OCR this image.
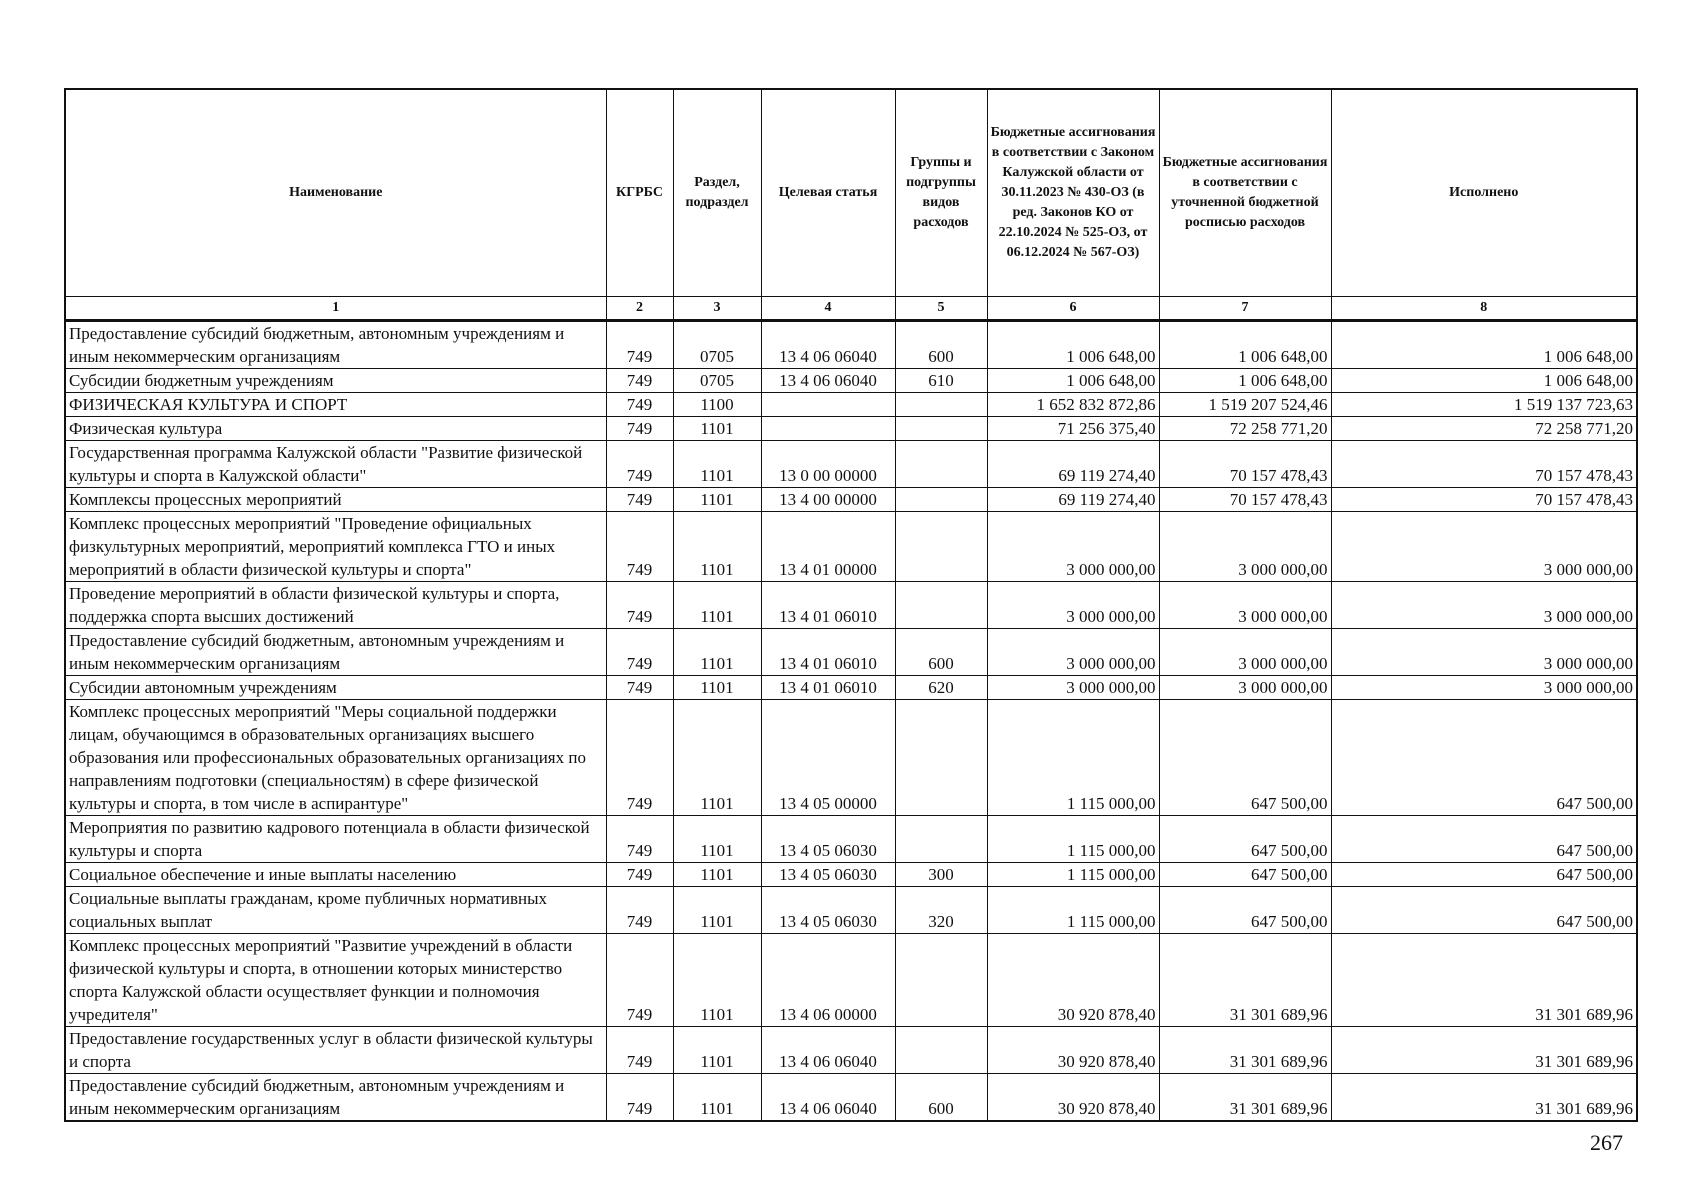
Наименование	КГРБС	Раздел, подраздел	Целевая статья	Группы и подгруппы видов расходов	Бюджетные ассигнования в соответствии с Законом Калужской области от 30.11.2023 № 430-ОЗ (в ред. Законов КО от 22.10.2024 № 525-ОЗ, от 06.12.2024 № 567-ОЗ)	Бюджетные ассигнования в соответствии с уточненной бюджетной росписью расходов	Исполнено
1	2	3	4	5	6	7	8
Предоставление субсидий бюджетным, автономным учреждениям и иным некоммерческим организациям	749	0705	13 4 06 06040	600	1 006 648,00	1 006 648,00	1 006 648,00
Субсидии бюджетным учреждениям	749	0705	13 4 06 06040	610	1 006 648,00	1 006 648,00	1 006 648,00
ФИЗИЧЕСКАЯ КУЛЬТУРА И СПОРТ	749	1100			1 652 832 872,86	1 519 207 524,46	1 519 137 723,63
Физическая культура	749	1101			71 256 375,40	72 258 771,20	72 258 771,20
Государственная программа Калужской области "Развитие физической культуры и спорта в Калужской области"	749	1101	13 0 00 00000		69 119 274,40	70 157 478,43	70 157 478,43
Комплексы процессных мероприятий	749	1101	13 4 00 00000		69 119 274,40	70 157 478,43	70 157 478,43
Комплекс процессных мероприятий "Проведение официальных физкультурных мероприятий, мероприятий комплекса ГТО и иных мероприятий в области физической культуры и спорта"	749	1101	13 4 01 00000		3 000 000,00	3 000 000,00	3 000 000,00
Проведение мероприятий в области физической культуры и спорта, поддержка спорта высших достижений	749	1101	13 4 01 06010		3 000 000,00	3 000 000,00	3 000 000,00
Предоставление субсидий бюджетным, автономным учреждениям и иным некоммерческим организациям	749	1101	13 4 01 06010	600	3 000 000,00	3 000 000,00	3 000 000,00
Субсидии автономным учреждениям	749	1101	13 4 01 06010	620	3 000 000,00	3 000 000,00	3 000 000,00
Комплекс процессных мероприятий "Меры социальной поддержки лицам, обучающимся в образовательных организациях высшего образования или профессиональных образовательных организациях по направлениям подготовки (специальностям) в сфере физической культуры и спорта, в том числе в аспирантуре"	749	1101	13 4 05 00000		1 115 000,00	647 500,00	647 500,00
Мероприятия по развитию кадрового потенциала в области физической культуры и спорта	749	1101	13 4 05 06030		1 115 000,00	647 500,00	647 500,00
Социальное обеспечение и иные выплаты населению	749	1101	13 4 05 06030	300	1 115 000,00	647 500,00	647 500,00
Социальные выплаты гражданам, кроме публичных нормативных социальных выплат	749	1101	13 4 05 06030	320	1 115 000,00	647 500,00	647 500,00
Комплекс процессных мероприятий "Развитие учреждений в области физической культуры и спорта, в отношении которых министерство спорта Калужской области осуществляет функции и полномочия учредителя"	749	1101	13 4 06 00000		30 920 878,40	31 301 689,96	31 301 689,96
Предоставление государственных услуг в области физической культуры и спорта	749	1101	13 4 06 06040		30 920 878,40	31 301 689,96	31 301 689,96
Предоставление субсидий бюджетным, автономным учреждениям и иным некоммерческим организациям	749	1101	13 4 06 06040	600	30 920 878,40	31 301 689,96	31 301 689,96
267
